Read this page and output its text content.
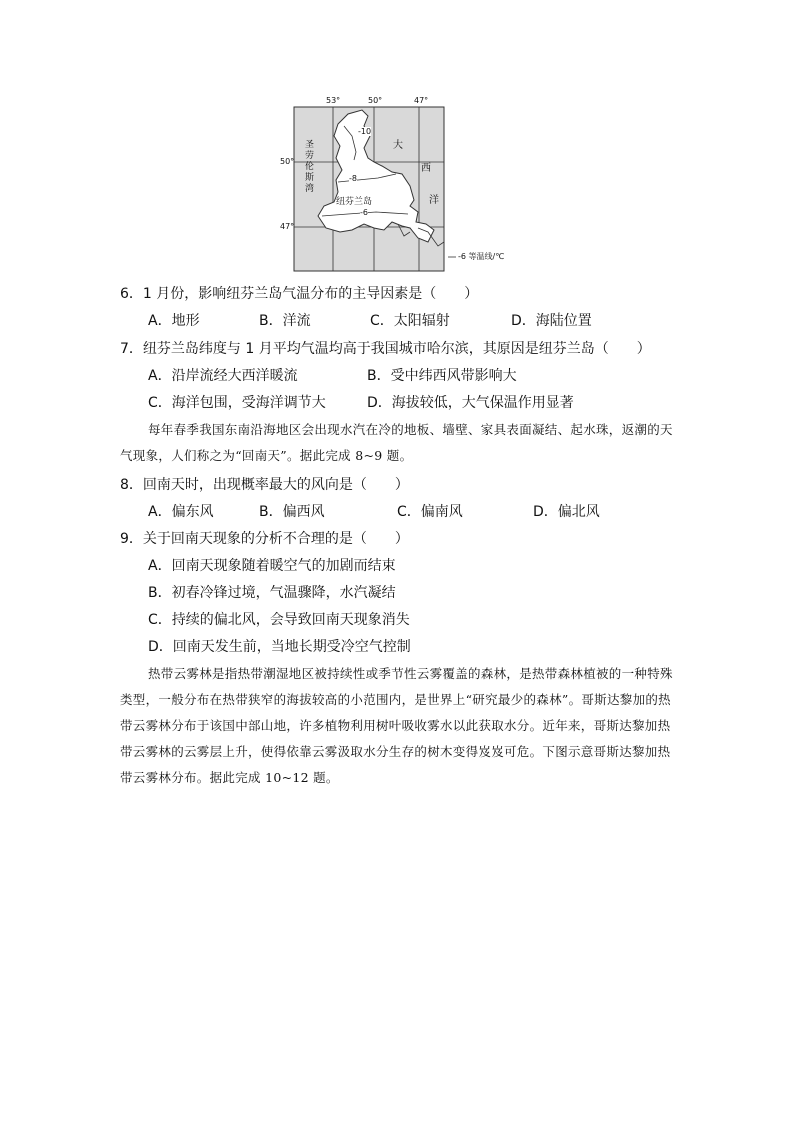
53°	50°	47°
50°
47°
圣
劳
伦
斯
湾
大
西
洋
纽芬兰岛
-10
-8
-6
-6 等温线/℃
6．1 月份，影响纽芬兰岛气温分布的主导因素是（　　）
A．地形	B．洋流	C．太阳辐射	D．海陆位置
7．纽芬兰岛纬度与 1 月平均气温均高于我国城市哈尔滨，其原因是纽芬兰岛（　　）
A．沿岸流经大西洋暖流	B．受中纬西风带影响大
C．海洋包围，受海洋调节大	D．海拔较低，大气保温作用显著
每年春季我国东南沿海地区会出现水汽在冷的地板、墙壁、家具表面凝结、起水珠，返潮的天气现象，人们称之为“回南天”。据此完成 8~9 题。
8．回南天时，出现概率最大的风向是（　　）
A．偏东风	B．偏西风	C．偏南风	D．偏北风
9．关于回南天现象的分析不合理的是（　　）
A．回南天现象随着暖空气的加剧而结束
B．初春冷锋过境，气温骤降，水汽凝结
C．持续的偏北风，会导致回南天现象消失
D．回南天发生前，当地长期受冷空气控制
热带云雾林是指热带潮湿地区被持续性或季节性云雾覆盖的森林，是热带森林植被的一种特殊类型，一般分布在热带狭窄的海拔较高的小范围内，是世界上“研究最少的森林”。哥斯达黎加的热带云雾林分布于该国中部山地，许多植物利用树叶吸收雾水以此获取水分。近年来，哥斯达黎加热带云雾林的云雾层上升，使得依靠云雾汲取水分生存的树木变得岌岌可危。下图示意哥斯达黎加热带云雾林分布。据此完成 10~12 题。
